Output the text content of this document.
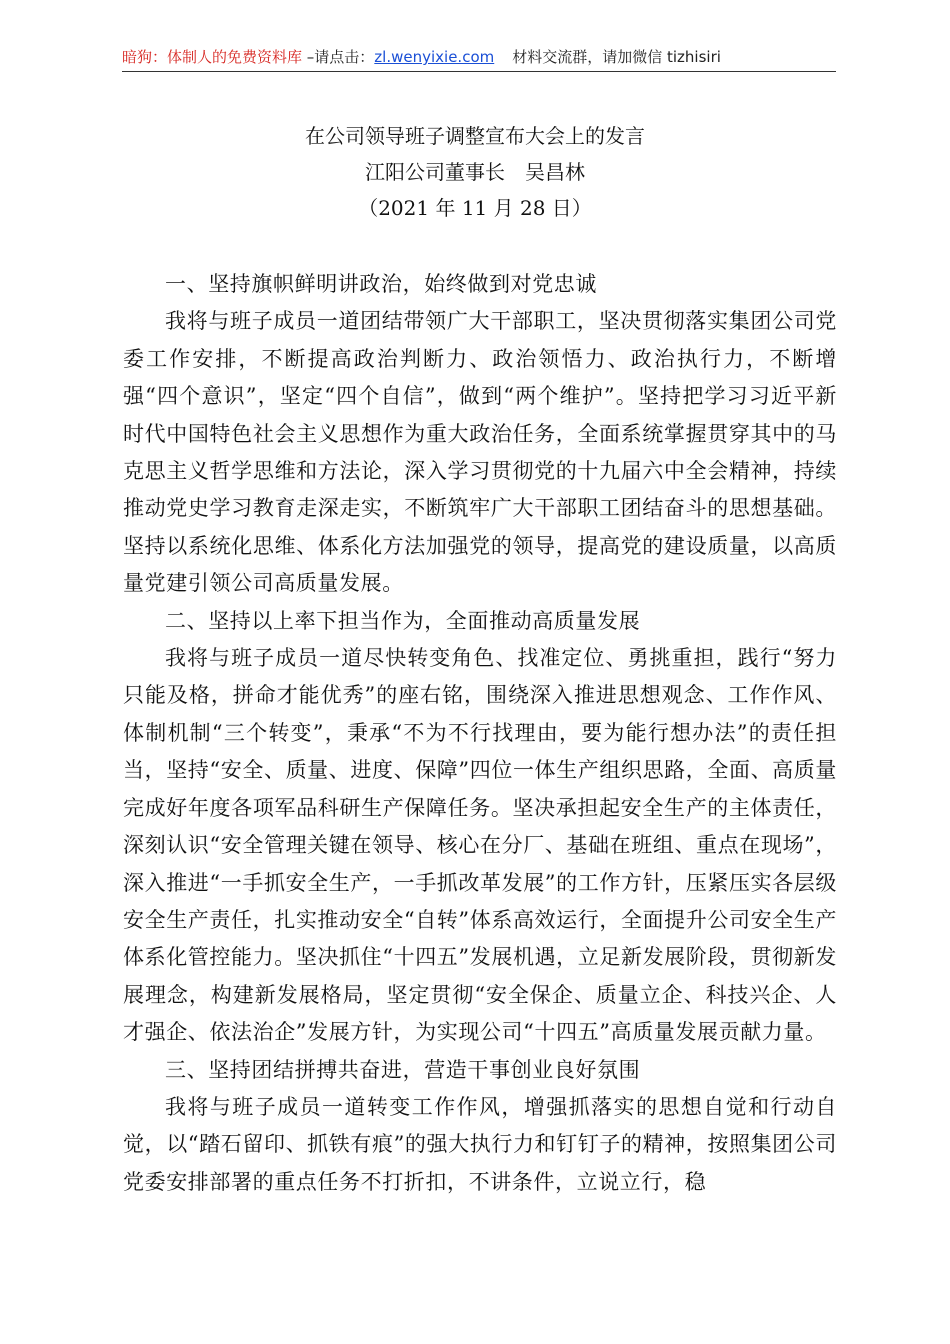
暗狗：体制人的免费资料库 –请点击：zl.wenyixie.com 材料交流群，请加微信 tizhisiri
在公司领导班子调整宣布大会上的发言
江阳公司董事长　吴昌林
（2021 年 11 月 28 日）

一、坚持旗帜鲜明讲政治，始终做到对党忠诚

我将与班子成员一道团结带领广大干部职工，坚决贯彻落实集团公司党委工作安排，不断提高政治判断力、政治领悟力、政治执行力，不断增强“四个意识”，坚定“四个自信”，做到“两个维护”。坚持把学习习近平新时代中国特色社会主义思想作为重大政治任务，全面系统掌握贯穿其中的马克思主义哲学思维和方法论，深入学习贯彻党的十九届六中全会精神，持续推动党史学习教育走深走实，不断筑牢广大干部职工团结奋斗的思想基础。坚持以系统化思维、体系化方法加强党的领导，提高党的建设质量，以高质量党建引领公司高质量发展。

二、坚持以上率下担当作为，全面推动高质量发展

我将与班子成员一道尽快转变角色、找准定位、勇挑重担，践行“努力只能及格，拼命才能优秀”的座右铭，围绕深入推进思想观念、工作作风、体制机制“三个转变”，秉承“不为不行找理由，要为能行想办法”的责任担当，坚持“安全、质量、进度、保障”四位一体生产组织思路，全面、高质量完成好年度各项军品科研生产保障任务。坚决承担起安全生产的主体责任，深刻认识“安全管理关键在领导、核心在分厂、基础在班组、重点在现场”，深入推进“一手抓安全生产，一手抓改革发展”的工作方针，压紧压实各层级安全生产责任，扎实推动安全“自转”体系高效运行，全面提升公司安全生产体系化管控能力。坚决抓住“十四五”发展机遇，立足新发展阶段，贯彻新发展理念，构建新发展格局，坚定贯彻“安全保企、质量立企、科技兴企、人才强企、依法治企”发展方针，为实现公司“十四五”高质量发展贡献力量。

三、坚持团结拼搏共奋进，营造干事创业良好氛围

我将与班子成员一道转变工作作风，增强抓落实的思想自觉和行动自觉，以“踏石留印、抓铁有痕”的强大执行力和钉钉子的精神，按照集团公司党委安排部署的重点任务不打折扣，不讲条件，立说立行，稳
